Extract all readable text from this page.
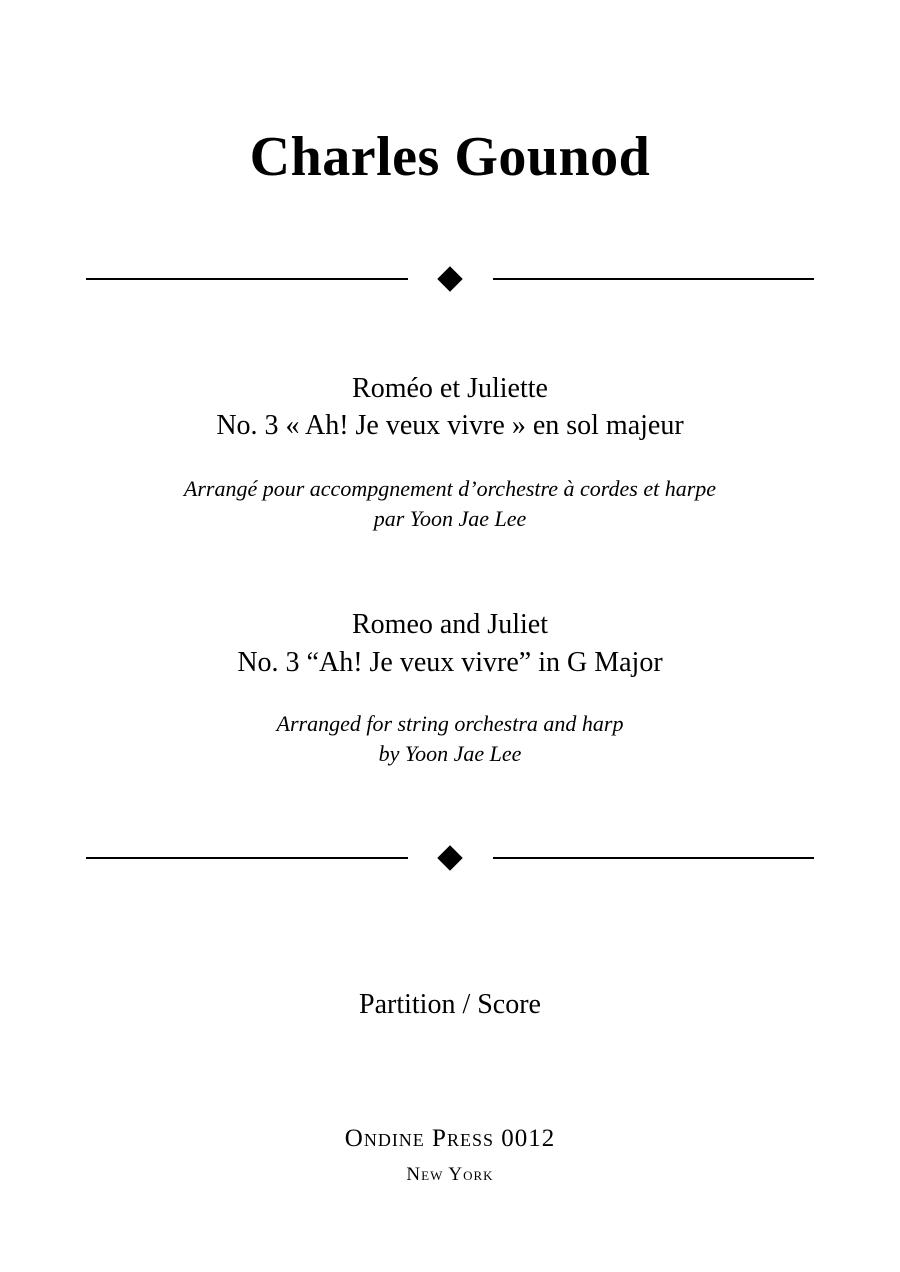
Charles Gounod
Roméo et Juliette
No. 3 « Ah! Je veux vivre » en sol majeur
Arrangé pour accompgnement d’orchestre à cordes et harpe
par Yoon Jae Lee
Romeo and Juliet
No. 3 “Ah! Je veux vivre” in G Major
Arranged for string orchestra and harp
by Yoon Jae Lee
Partition / Score
Ondine Press 0012
New York
